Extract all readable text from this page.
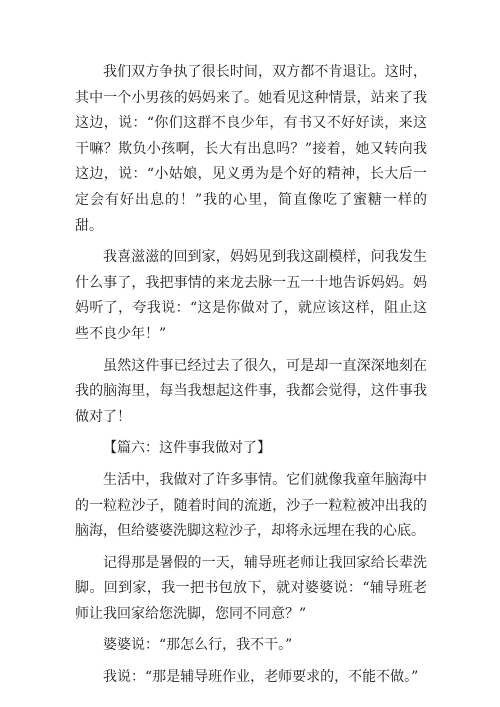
我们双方争执了很长时间，双方都不肯退让。这时，其中一个小男孩的妈妈来了。她看见这种情景，站来了我这边，说：“你们这群不良少年，有书又不好好读，来这干嘛？欺负小孩啊，长大有出息吗？”接着，她又转向我这边，说：“小姑娘，见义勇为是个好的精神，长大后一定会有好出息的！”我的心里，简直像吃了蜜糖一样的甜。

我喜滋滋的回到家，妈妈见到我这副模样，问我发生什么事了，我把事情的来龙去脉一五一十地告诉妈妈。妈妈听了，夸我说：“这是你做对了，就应该这样，阻止这些不良少年！”

虽然这件事已经过去了很久，可是却一直深深地刻在我的脑海里，每当我想起这件事，我都会觉得，这件事我做对了！

【篇六：这件事我做对了】

生活中，我做对了许多事情。它们就像我童年脑海中的一粒粒沙子，随着时间的流逝，沙子一粒粒被冲出我的脑海，但给婆婆洗脚这粒沙子，却将永远埋在我的心底。

记得那是暑假的一天，辅导班老师让我回家给长辈洗脚。回到家，我一把书包放下，就对婆婆说：“辅导班老师让我回家给您洗脚，您同不同意？”

婆婆说：“那怎么行，我不干。”

我说：“那是辅导班作业，老师要求的，不能不做。”
